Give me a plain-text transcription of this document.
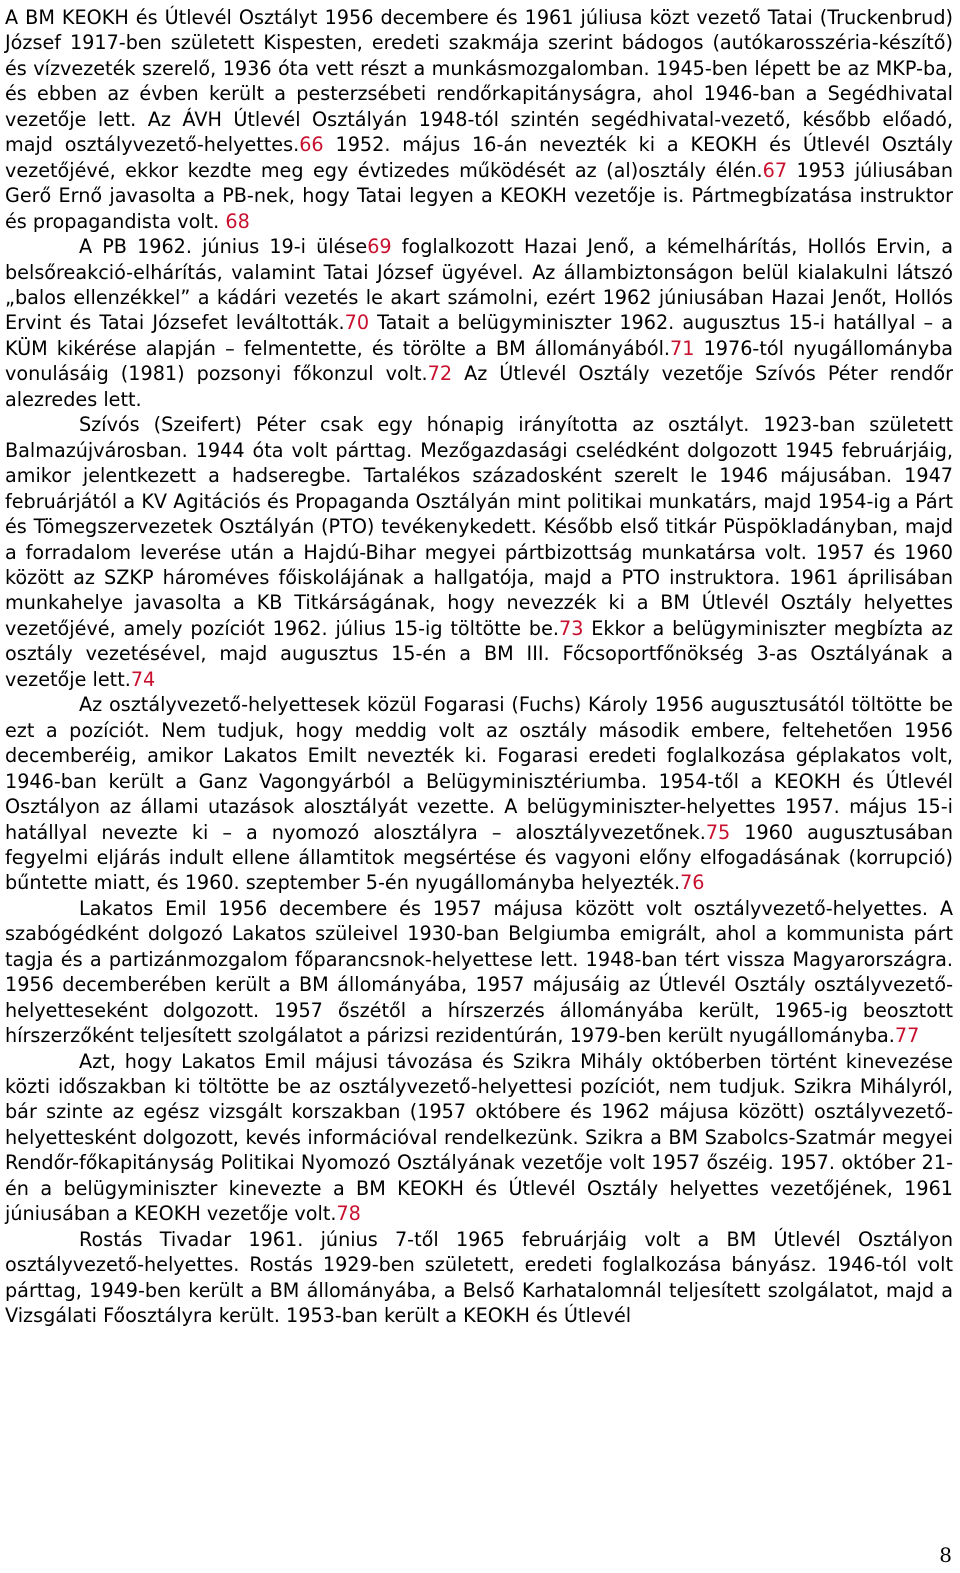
A BM KEOKH és Útlevél Osztályt 1956 decembere és 1961 júliusa közt vezető Tatai (Truckenbrud) József 1917-ben született Kispesten, eredeti szakmája szerint bádogos (autókarosszéria-készítő) és vízvezeték szerelő, 1936 óta vett részt a munkásmozgalomban. 1945-ben lépett be az MKP-ba, és ebben az évben került a pesterzsébeti rendőrkapitányságra, ahol 1946-ban a Segédhivatal vezetője lett. Az ÁVH Útlevél Osztályán 1948-tól szintén segédhivatal-vezető, később előadó, majd osztályvezető-helyettes.66 1952. május 16-án nevezték ki a KEOKH és Útlevél Osztály vezetőjévé, ekkor kezdte meg egy évtizedes működését az (al)osztály élén.67 1953 júliusában Gerő Ernő javasolta a PB-nek, hogy Tatai legyen a KEOKH vezetője is. Pártmegbízatása instruktor és propagandista volt. 68

A PB 1962. június 19-i ülése69 foglalkozott Hazai Jenő, a kémelhárítás, Hollós Ervin, a belsőreakció-elhárítás, valamint Tatai József ügyével. Az állambiztonságon belül kialakulni látszó „balos ellenzékkel” a kádári vezetés le akart számolni, ezért 1962 júniusában Hazai Jenőt, Hollós Ervint és Tatai Józsefet leváltották.70 Tatait a belügyminiszter 1962. augusztus 15-i hatállyal – a KÜM kikérése alapján – felmentette, és törölte a BM állományából.71 1976-tól nyugállományba vonulásáig (1981) pozsonyi főkonzul volt.72 Az Útlevél Osztály vezetője Szívós Péter rendőr alezredes lett.

Szívós (Szeifert) Péter csak egy hónapig irányította az osztályt. 1923-ban született Balmazújvárosban. 1944 óta volt párttag. Mezőgazdasági cselédként dolgozott 1945 februárjáig, amikor jelentkezett a hadseregbe. Tartalékos századosként szerelt le 1946 májusában. 1947 februárjától a KV Agitációs és Propaganda Osztályán mint politikai munkatárs, majd 1954-ig a Párt és Tömegszervezetek Osztályán (PTO) tevékenykedett. Később első titkár Püspökladányban, majd a forradalom leverése után a Hajdú-Bihar megyei pártbizottság munkatársa volt. 1957 és 1960 között az SZKP hároméves főiskolájának a hallgatója, majd a PTO instruktora. 1961 áprilisában munkahelye javasolta a KB Titkárságának, hogy nevezzék ki a BM Útlevél Osztály helyettes vezetőjévé, amely pozíciót 1962. július 15-ig töltötte be.73 Ekkor a belügyminiszter megbízta az osztály vezetésével, majd augusztus 15-én a BM III. Főcsoportfőnökség 3-as Osztályának a vezetője lett.74

Az osztályvezető-helyettesek közül Fogarasi (Fuchs) Károly 1956 augusztusától töltötte be ezt a pozíciót. Nem tudjuk, hogy meddig volt az osztály második embere, feltehetően 1956 decemberéig, amikor Lakatos Emilt nevezték ki. Fogarasi eredeti foglalkozása géplakatos volt, 1946-ban került a Ganz Vagongyárból a Belügyminisztériumba. 1954-től a KEOKH és Útlevél Osztályon az állami utazások alosztályát vezette. A belügyminiszter-helyettes 1957. május 15-i hatállyal nevezte ki – a nyomozó alosztályra – alosztályvezetőnek.75 1960 augusztusában fegyelmi eljárás indult ellene államtitok megsértése és vagyoni előny elfogadásának (korrupció) bűntette miatt, és 1960. szeptember 5-én nyugállományba helyezték.76

Lakatos Emil 1956 decembere és 1957 májusa között volt osztályvezető-helyettes. A szabógédként dolgozó Lakatos szüleivel 1930-ban Belgiumba emigrált, ahol a kommunista párt tagja és a partizánmozgalom főparancsnok-helyettese lett. 1948-ban tért vissza Magyarországra. 1956 decemberében került a BM állományába, 1957 májusáig az Útlevél Osztály osztályvezető-helyetteseként dolgozott. 1957 őszétől a hírszerzés állományába került, 1965-ig beosztott hírszerzőként teljesített szolgálatot a párizsi rezidentúrán, 1979-ben került nyugállományba.77

Azt, hogy Lakatos Emil májusi távozása és Szikra Mihály októberben történt kinevezése közti időszakban ki töltötte be az osztályvezető-helyettesi pozíciót, nem tudjuk. Szikra Mihályról, bár szinte az egész vizsgált korszakban (1957 októbere és 1962 májusa között) osztályvezető-helyettesként dolgozott, kevés információval rendelkezünk. Szikra a BM Szabolcs-Szatmár megyei Rendőr-főkapitányság Politikai Nyomozó Osztályának vezetője volt 1957 őszéig. 1957. október 21-én a belügyminiszter kinevezte a BM KEOKH és Útlevél Osztály helyettes vezetőjének, 1961 júniusában a KEOKH vezetője volt.78

Rostás Tivadar 1961. június 7-től 1965 februárjáig volt a BM Útlevél Osztályon osztályvezető-helyettes. Rostás 1929-ben született, eredeti foglalkozása bányász. 1946-tól volt párttag, 1949-ben került a BM állományába, a Belső Karhatalomnál teljesített szolgálatot, majd a Vizsgálati Főosztályra került. 1953-ban került a KEOKH és Útlevél

8
